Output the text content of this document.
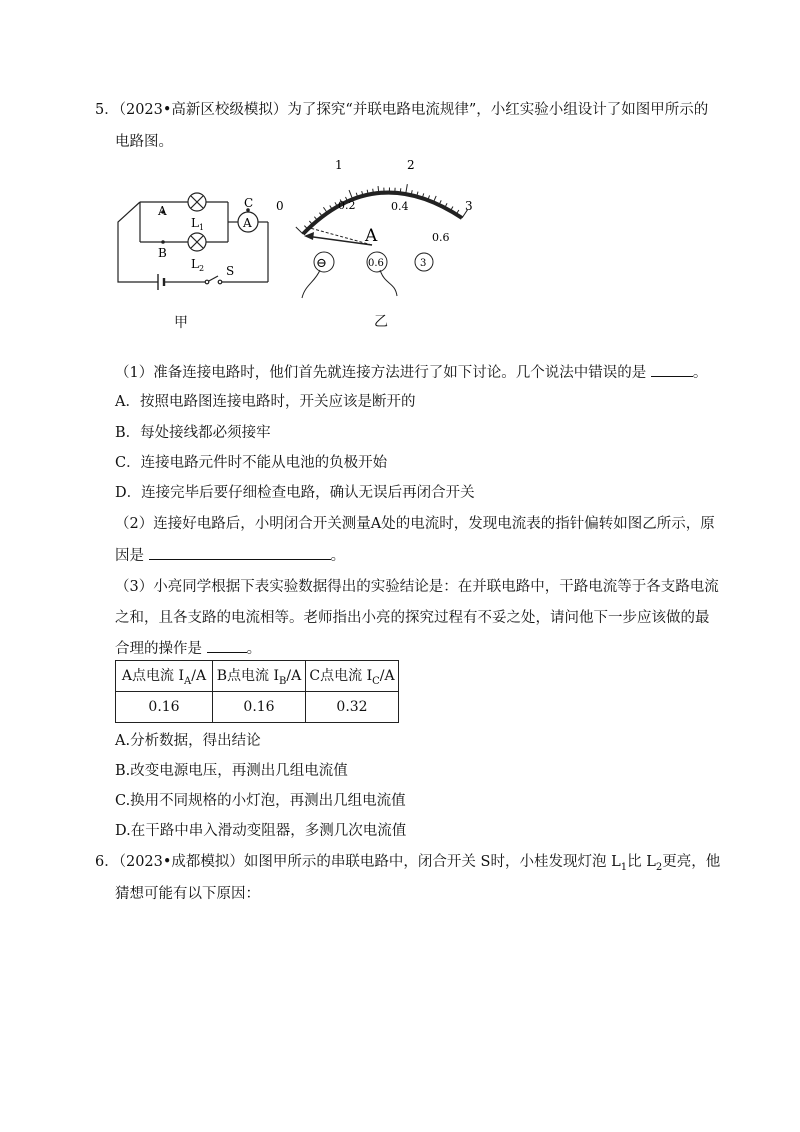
5．（2023•高新区校级模拟）为了探究“并联电路电流规律”，小红实验小组设计了如图甲所示的
电路图。
A
B
C
A
$L_1$
$L_2$ S
0
1	2
3
0.2	0.4
0.6
A
⊖	0.6	3
甲	乙
（1）准备连接电路时，他们首先就连接方法进行了如下讨论。几个说法中错误的是	。
A．按照电路图连接电路时，开关应该是断开的
B．每处接线都必须接牢
C．连接电路元件时不能从电池的负极开始
D．连接完毕后要仔细检查电路，确认无误后再闭合开关
（2）连接好电路后，小明闭合开关测量A处的电流时，发现电流表的指针偏转如图乙所示，原
因是	。
（3）小亮同学根据下表实验数据得出的实验结论是：在并联电路中，干路电流等于各支路电流
之和，且各支路的电流相等。老师指出小亮的探究过程有不妥之处，请问他下一步应该做的最
合理的操作是	。
A点电流 $I_A/A$	B点电流 $I_B/A$	C点电流 $I_C/A$
0.16	0.16	0.32
A.分析数据，得出结论
B.改变电源电压，再测出几组电流值
C.换用不同规格的小灯泡，再测出几组电流值
D.在干路中串入滑动变阻器，多测几次电流值
6．（2023•成都模拟）如图甲所示的串联电路中，闭合开关 S时，小桂发现灯泡 $L_1$比 $L_2$更亮，他
猜想可能有以下原因：
